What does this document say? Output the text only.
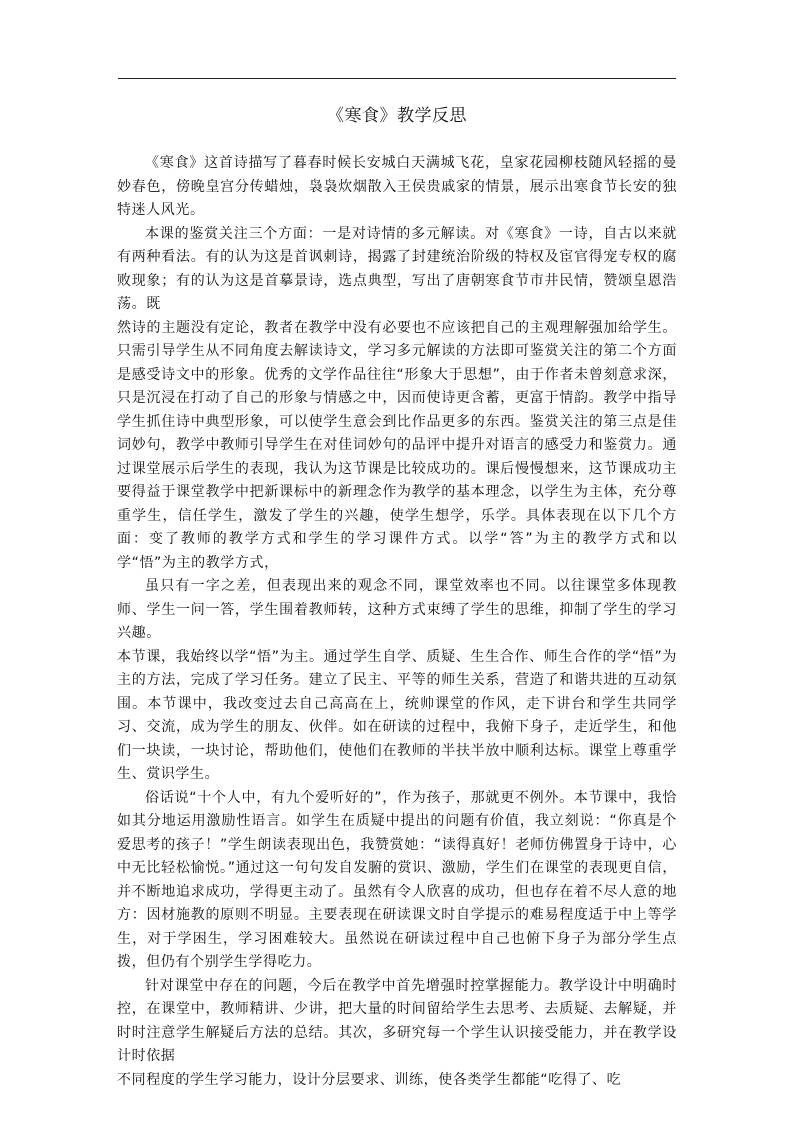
《寒食》教学反思

《寒食》这首诗描写了暮春时候长安城白天满城飞花，皇家花园柳枝随风轻摇的曼妙春色，傍晚皇宫分传蜡烛，袅袅炊烟散入王侯贵戚家的情景，展示出寒食节长安的独特迷人风光。

本课的鉴赏关注三个方面：一是对诗情的多元解读。对《寒食》一诗，自古以来就有两种看法。有的认为这是首讽刺诗，揭露了封建统治阶级的特权及宦官得宠专权的腐败现象；有的认为这是首摹景诗，选点典型，写出了唐朝寒食节市井民情，赞颂皇恩浩荡。既

然诗的主题没有定论，教者在教学中没有必要也不应该把自己的主观理解强加给学生。只需引导学生从不同角度去解读诗文，学习多元解读的方法即可鉴赏关注的第二个方面是感受诗文中的形象。优秀的文学作品往往“形象大于思想”，由于作者未曾刻意求深，只是沉浸在打动了自己的形象与情感之中，因而使诗更含蓄，更富于情韵。教学中指导学生抓住诗中典型形象，可以使学生意会到比作品更多的东西。鉴赏关注的第三点是佳词妙句，教学中教师引导学生在对佳词妙句的品评中提升对语言的感受力和鉴赏力。通过课堂展示后学生的表现，我认为这节课是比较成功的。课后慢慢想来，这节课成功主要得益于课堂教学中把新课标中的新理念作为教学的基本理念，以学生为主体，充分尊重学生，信任学生，激发了学生的兴趣，使学生想学，乐学。具体表现在以下几个方面：变了教师的教学方式和学生的学习课件方式。以学“答”为主的教学方式和以学“悟”为主的教学方式，

虽只有一字之差，但表现出来的观念不同，课堂效率也不同。以往课堂多体现教师、学生一问一答，学生围着教师转，这种方式束缚了学生的思维，抑制了学生的学习兴趣。

本节课，我始终以学“悟”为主。通过学生自学、质疑、生生合作、师生合作的学“悟”为主的方法，完成了学习任务。建立了民主、平等的师生关系，营造了和谐共进的互动氛围。本节课中，我改变过去自己高高在上，统帅课堂的作风，走下讲台和学生共同学习、交流，成为学生的朋友、伙伴。如在研读的过程中，我俯下身子，走近学生，和他们一块读，一块讨论，帮助他们，使他们在教师的半扶半放中顺利达标。课堂上尊重学生、赏识学生。

俗话说“十个人中，有九个爱听好的”，作为孩子，那就更不例外。本节课中，我恰如其分地运用激励性语言。如学生在质疑中提出的问题有价值，我立刻说：“你真是个爱思考的孩子！”学生朗读表现出色，我赞赏她：“读得真好！老师仿佛置身于诗中，心中无比轻松愉悦。”通过这一句句发自发腑的赏识、激励，学生们在课堂的表现更自信，并不断地追求成功，学得更主动了。虽然有令人欣喜的成功，但也存在着不尽人意的地方：因材施教的原则不明显。主要表现在研读课文时自学提示的难易程度适于中上等学生，对于学困生，学习困难较大。虽然说在研读过程中自己也俯下身子为部分学生点拨，但仍有个别学生学得吃力。

针对课堂中存在的问题，今后在教学中首先增强时控掌握能力。教学设计中明确时控，在课堂中，教师精讲、少讲，把大量的时间留给学生去思考、去质疑、去解疑，并时时注意学生解疑后方法的总结。其次，多研究每一个学生认识接受能力，并在教学设计时依据

不同程度的学生学习能力，设计分层要求、训练，使各类学生都能“吃得了、吃
